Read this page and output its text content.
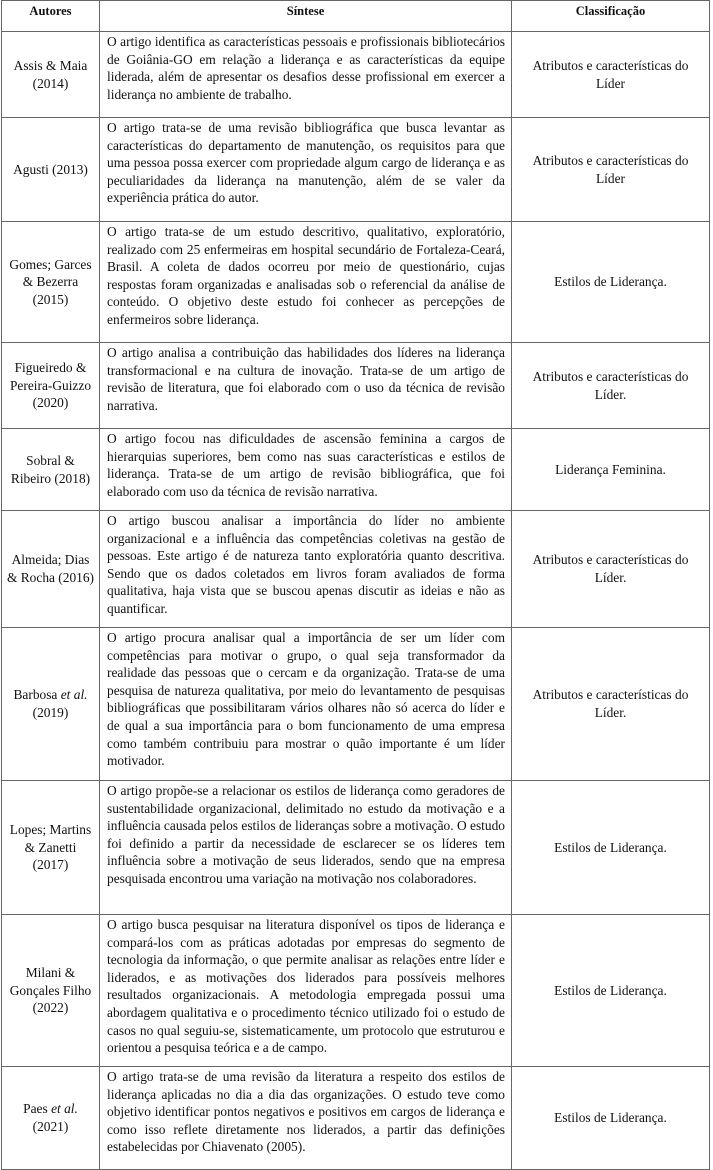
Autores	Síntese	Classificação
Assis & Maia (2014)	O artigo identifica as características pessoais e profissionais bibliotecários de Goiânia-GO em relação a liderança e as características da equipe liderada, além de apresentar os desafios desse profissional em exercer a liderança no ambiente de trabalho.	Atributos e características do Líder
Agusti (2013)	O artigo trata-se de uma revisão bibliográfica que busca levantar as características do departamento de manutenção, os requisitos para que uma pessoa possa exercer com propriedade algum cargo de liderança e as peculiaridades da liderança na manutenção, além de se valer da experiência prática do autor.	Atributos e características do Líder
Gomes; Garces & Bezerra (2015)	O artigo trata-se de um estudo descritivo, qualitativo, exploratório, realizado com 25 enfermeiras em hospital secundário de Fortaleza-Ceará, Brasil. A coleta de dados ocorreu por meio de questionário, cujas respostas foram organizadas e analisadas sob o referencial da análise de conteúdo. O objetivo deste estudo foi conhecer as percepções de enfermeiros sobre liderança.	Estilos de Liderança.
Figueiredo & Pereira-Guizzo (2020)	O artigo analisa a contribuição das habilidades dos líderes na liderança transformacional e na cultura de inovação. Trata-se de um artigo de revisão de literatura, que foi elaborado com o uso da técnica de revisão narrativa.	Atributos e características do Líder.
Sobral & Ribeiro (2018)	O artigo focou nas dificuldades de ascensão feminina a cargos de hierarquias superiores, bem como nas suas características e estilos de liderança. Trata-se de um artigo de revisão bibliográfica, que foi elaborado com uso da técnica de revisão narrativa.	Liderança Feminina.
Almeida; Dias & Rocha (2016)	O artigo buscou analisar a importância do líder no ambiente organizacional e a influência das competências coletivas na gestão de pessoas. Este artigo é de natureza tanto exploratória quanto descritiva. Sendo que os dados coletados em livros foram avaliados de forma qualitativa, haja vista que se buscou apenas discutir as ideias e não as quantificar.	Atributos e características do Líder.
Barbosa et al. (2019)	O artigo procura analisar qual a importância de ser um líder com competências para motivar o grupo, o qual seja transformador da realidade das pessoas que o cercam e da organização. Trata-se de uma pesquisa de natureza qualitativa, por meio do levantamento de pesquisas bibliográficas que possibilitaram vários olhares não só acerca do líder e de qual a sua importância para o bom funcionamento de uma empresa como também contribuiu para mostrar o quão importante é um líder motivador.	Atributos e características do Líder.
Lopes; Martins & Zanetti (2017)	O artigo propõe-se a relacionar os estilos de liderança como geradores de sustentabilidade organizacional, delimitado no estudo da motivação e a influência causada pelos estilos de lideranças sobre a motivação. O estudo foi definido a partir da necessidade de esclarecer se os líderes tem influência sobre a motivação de seus liderados, sendo que na empresa pesquisada encontrou uma variação na motivação nos colaboradores.	Estilos de Liderança.
Milani & Gonçales Filho (2022)	O artigo busca pesquisar na literatura disponível os tipos de liderança e compará-los com as práticas adotadas por empresas do segmento de tecnologia da informação, o que permite analisar as relações entre líder e liderados, e as motivações dos liderados para possíveis melhores resultados organizacionais. A metodologia empregada possui uma abordagem qualitativa e o procedimento técnico utilizado foi o estudo de casos no qual seguiu-se, sistematicamente, um protocolo que estruturou e orientou a pesquisa teórica e a de campo.	Estilos de Liderança.
Paes et al. (2021)	O artigo trata-se de uma revisão da literatura a respeito dos estilos de liderança aplicadas no dia a dia das organizações. O estudo teve como objetivo identificar pontos negativos e positivos em cargos de liderança e como isso reflete diretamente nos liderados, a partir das definições estabelecidas por Chiavenato (2005).	Estilos de Liderança.
